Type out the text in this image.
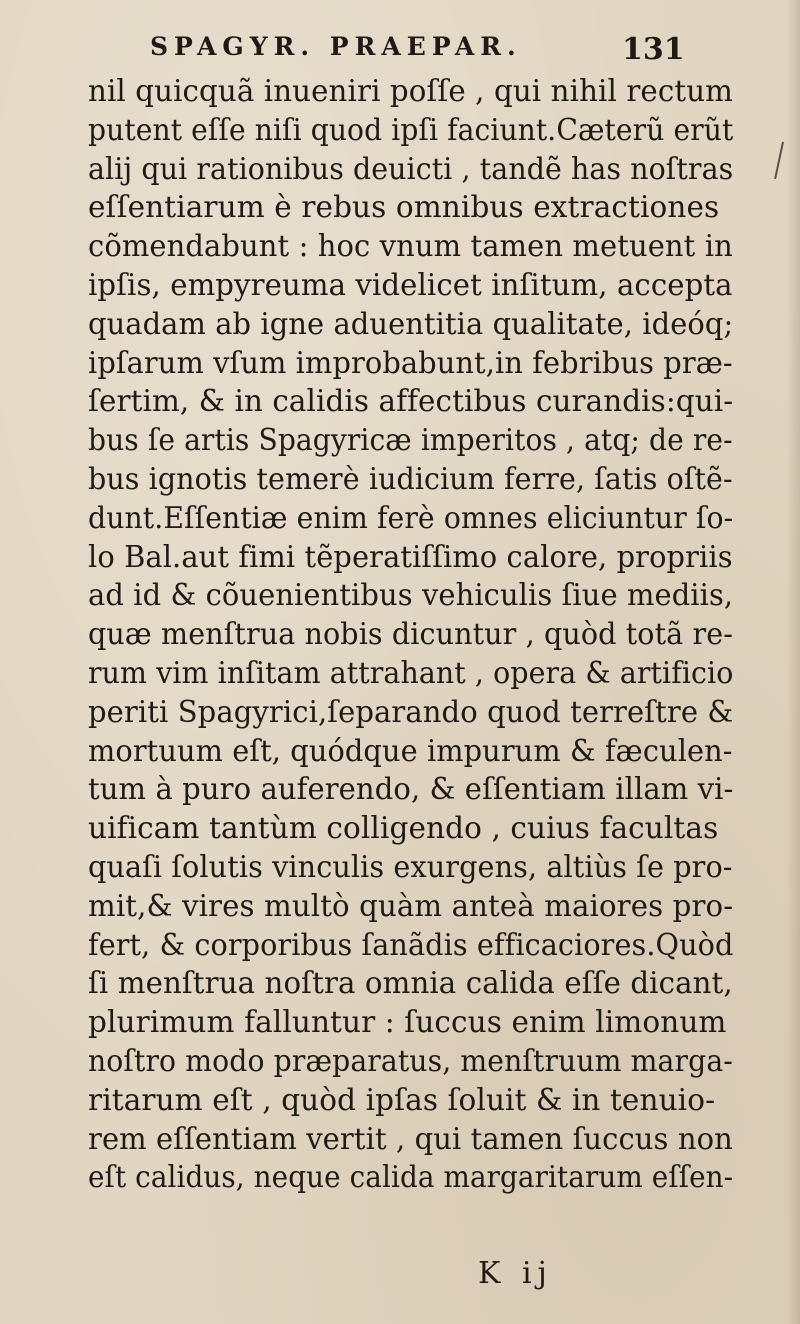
SPAGYR. PRAEPAR.	131
nil quicquã inueniri poſſe , qui nihil rectum
putent eſſe niſi quod ipſi faciunt.Cæterũ erũt
alij qui rationibus deuicti , tandẽ has noſtras
eſſentiarum è rebus omnibus extractiones
cõmendabunt : hoc vnum tamen metuent in
ipſis, empyreuma videlicet inſitum, accepta
quadam ab igne aduentitia qualitate, ideóq;
ipſarum vſum improbabunt,in febribus præ-
ſertim, & in calidis affectibus curandis:qui-
bus ſe artis Spagyricæ imperitos , atq; de re-
bus ignotis temerè iudicium ferre, ſatis oſtẽ-
dunt.Eſſentiæ enim ferè omnes eliciuntur ſo-
lo Bal.aut fimi tẽperatiſſimo calore, propriis
ad id & cõuenientibus vehiculis ſiue mediis,
quæ menſtrua nobis dicuntur , quòd totã re-
rum vim inſitam attrahant , opera & artificio
periti Spagyrici,ſeparando quod terreſtre &
mortuum eſt, quódque impurum & fæculen-
tum à puro auferendo, & eſſentiam illam vi-
uificam tantùm colligendo , cuius facultas
quaſi ſolutis vinculis exurgens, altiùs ſe pro-
mit,& vires multò quàm anteà maiores pro-
fert, & corporibus ſanãdis efficaciores.Quòd
ſi menſtrua noſtra omnia calida eſſe dicant,
plurimum falluntur : ſuccus enim limonum
noſtro modo præparatus, menſtruum marga-
ritarum eſt , quòd ipſas ſoluit & in tenuio-
rem eſſentiam vertit , qui tamen ſuccus non
eſt calidus, neque calida margaritarum eſſen-
K ij
